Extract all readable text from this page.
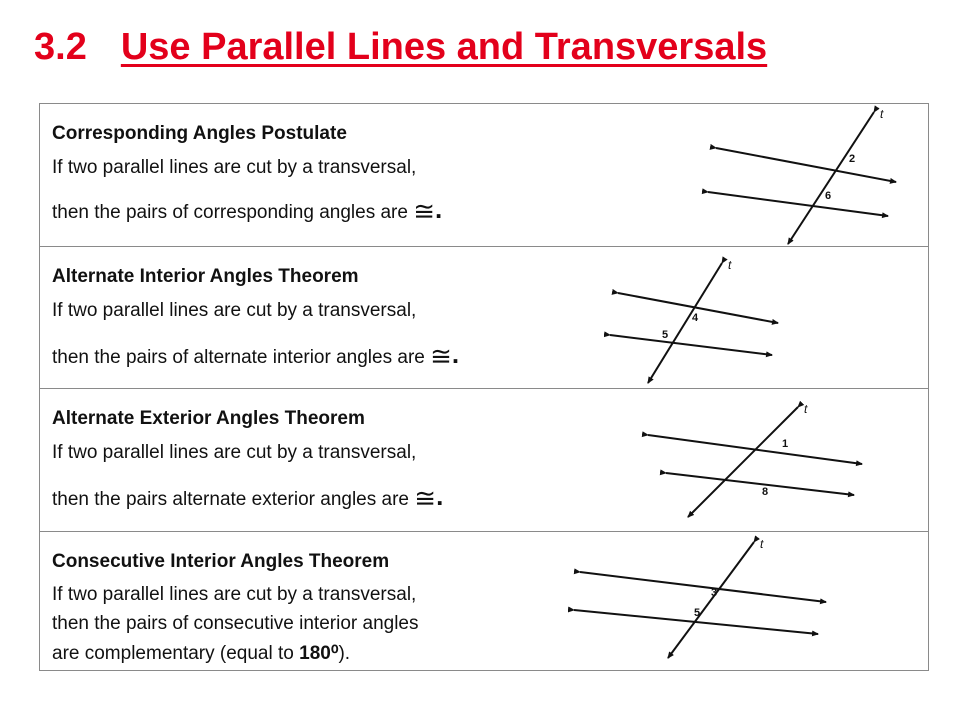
3.2 Use Parallel Lines and Transversals
Corresponding Angles Postulate
If two parallel lines are cut by a transversal,
then the pairs of corresponding angles are ≅.
t
2
6
Alternate Interior Angles Theorem
If two parallel lines are cut by a transversal,
then the pairs of alternate interior angles are ≅.
t
4
5
Alternate Exterior Angles Theorem
If two parallel lines are cut by a transversal,
then the pairs alternate exterior angles are ≅.
t
1
8
Consecutive Interior Angles Theorem
If two parallel lines are cut by a transversal,
then the pairs of consecutive interior angles
are complementary (equal to 180⁰).
t
3
5
